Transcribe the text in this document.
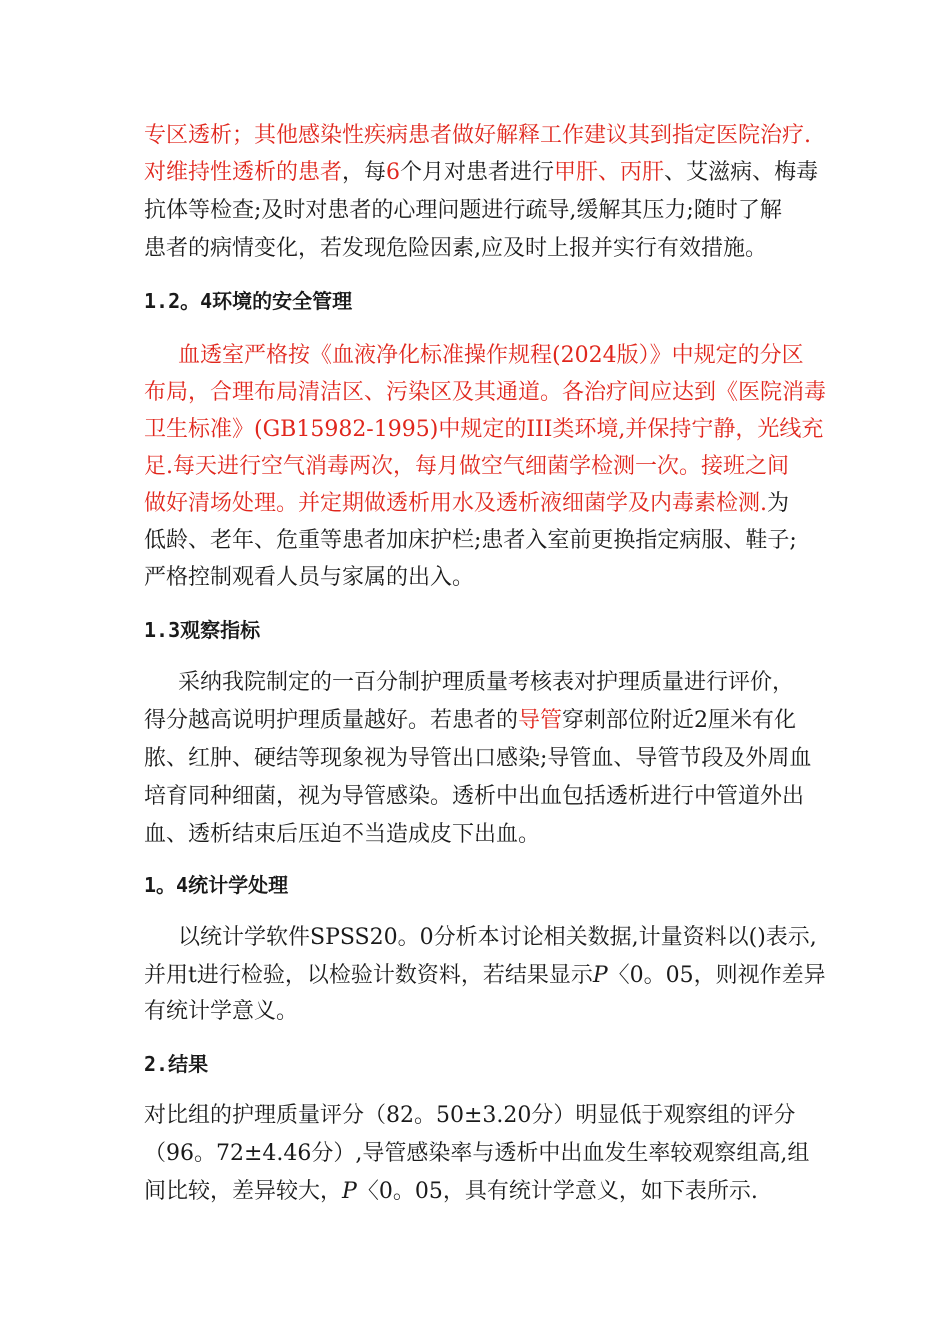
专区透析；其他感染性疾病患者做好解释工作建议其到指定医院治疗.
对维持性透析的患者，每6个月对患者进行甲肝、丙肝、艾滋病、梅毒
抗体等检查;及时对患者的心理问题进行疏导,缓解其压力;随时了解
患者的病情变化，若发现危险因素,应及时上报并实行有效措施。
1.2。4环境的安全管理
血透室严格按《血液净化标准操作规程(2024版）》中规定的分区
布局，合理布局清洁区、污染区及其通道。各治疗间应达到《医院消毒
卫生标准》(GB15982-1995)中规定的III类环境,并保持宁静，光线充
足.每天进行空气消毒两次，每月做空气细菌学检测一次。接班之间
做好清场处理。并定期做透析用水及透析液细菌学及内毒素检测.为
低龄、老年、危重等患者加床护栏;患者入室前更换指定病服、鞋子;
严格控制观看人员与家属的出入。
1.3观察指标
采纳我院制定的一百分制护理质量考核表对护理质量进行评价，
得分越高说明护理质量越好。若患者的导管穿刺部位附近2厘米有化
脓、红肿、硬结等现象视为导管出口感染;导管血、导管节段及外周血
培育同种细菌，视为导管感染。透析中出血包括透析进行中管道外出
血、透析结束后压迫不当造成皮下出血。
1。4统计学处理
以统计学软件SPSS20。0分析本讨论相关数据,计量资料以()表示,
并用t进行检验，以检验计数资料，若结果显示P〈0。05，则视作差异
有统计学意义。
2.结果
对比组的护理质量评分（82。50±3.20分）明显低于观察组的评分
（96。72±4.46分）,导管感染率与透析中出血发生率较观察组高,组
间比较，差异较大，P〈0。05，具有统计学意义，如下表所示.
